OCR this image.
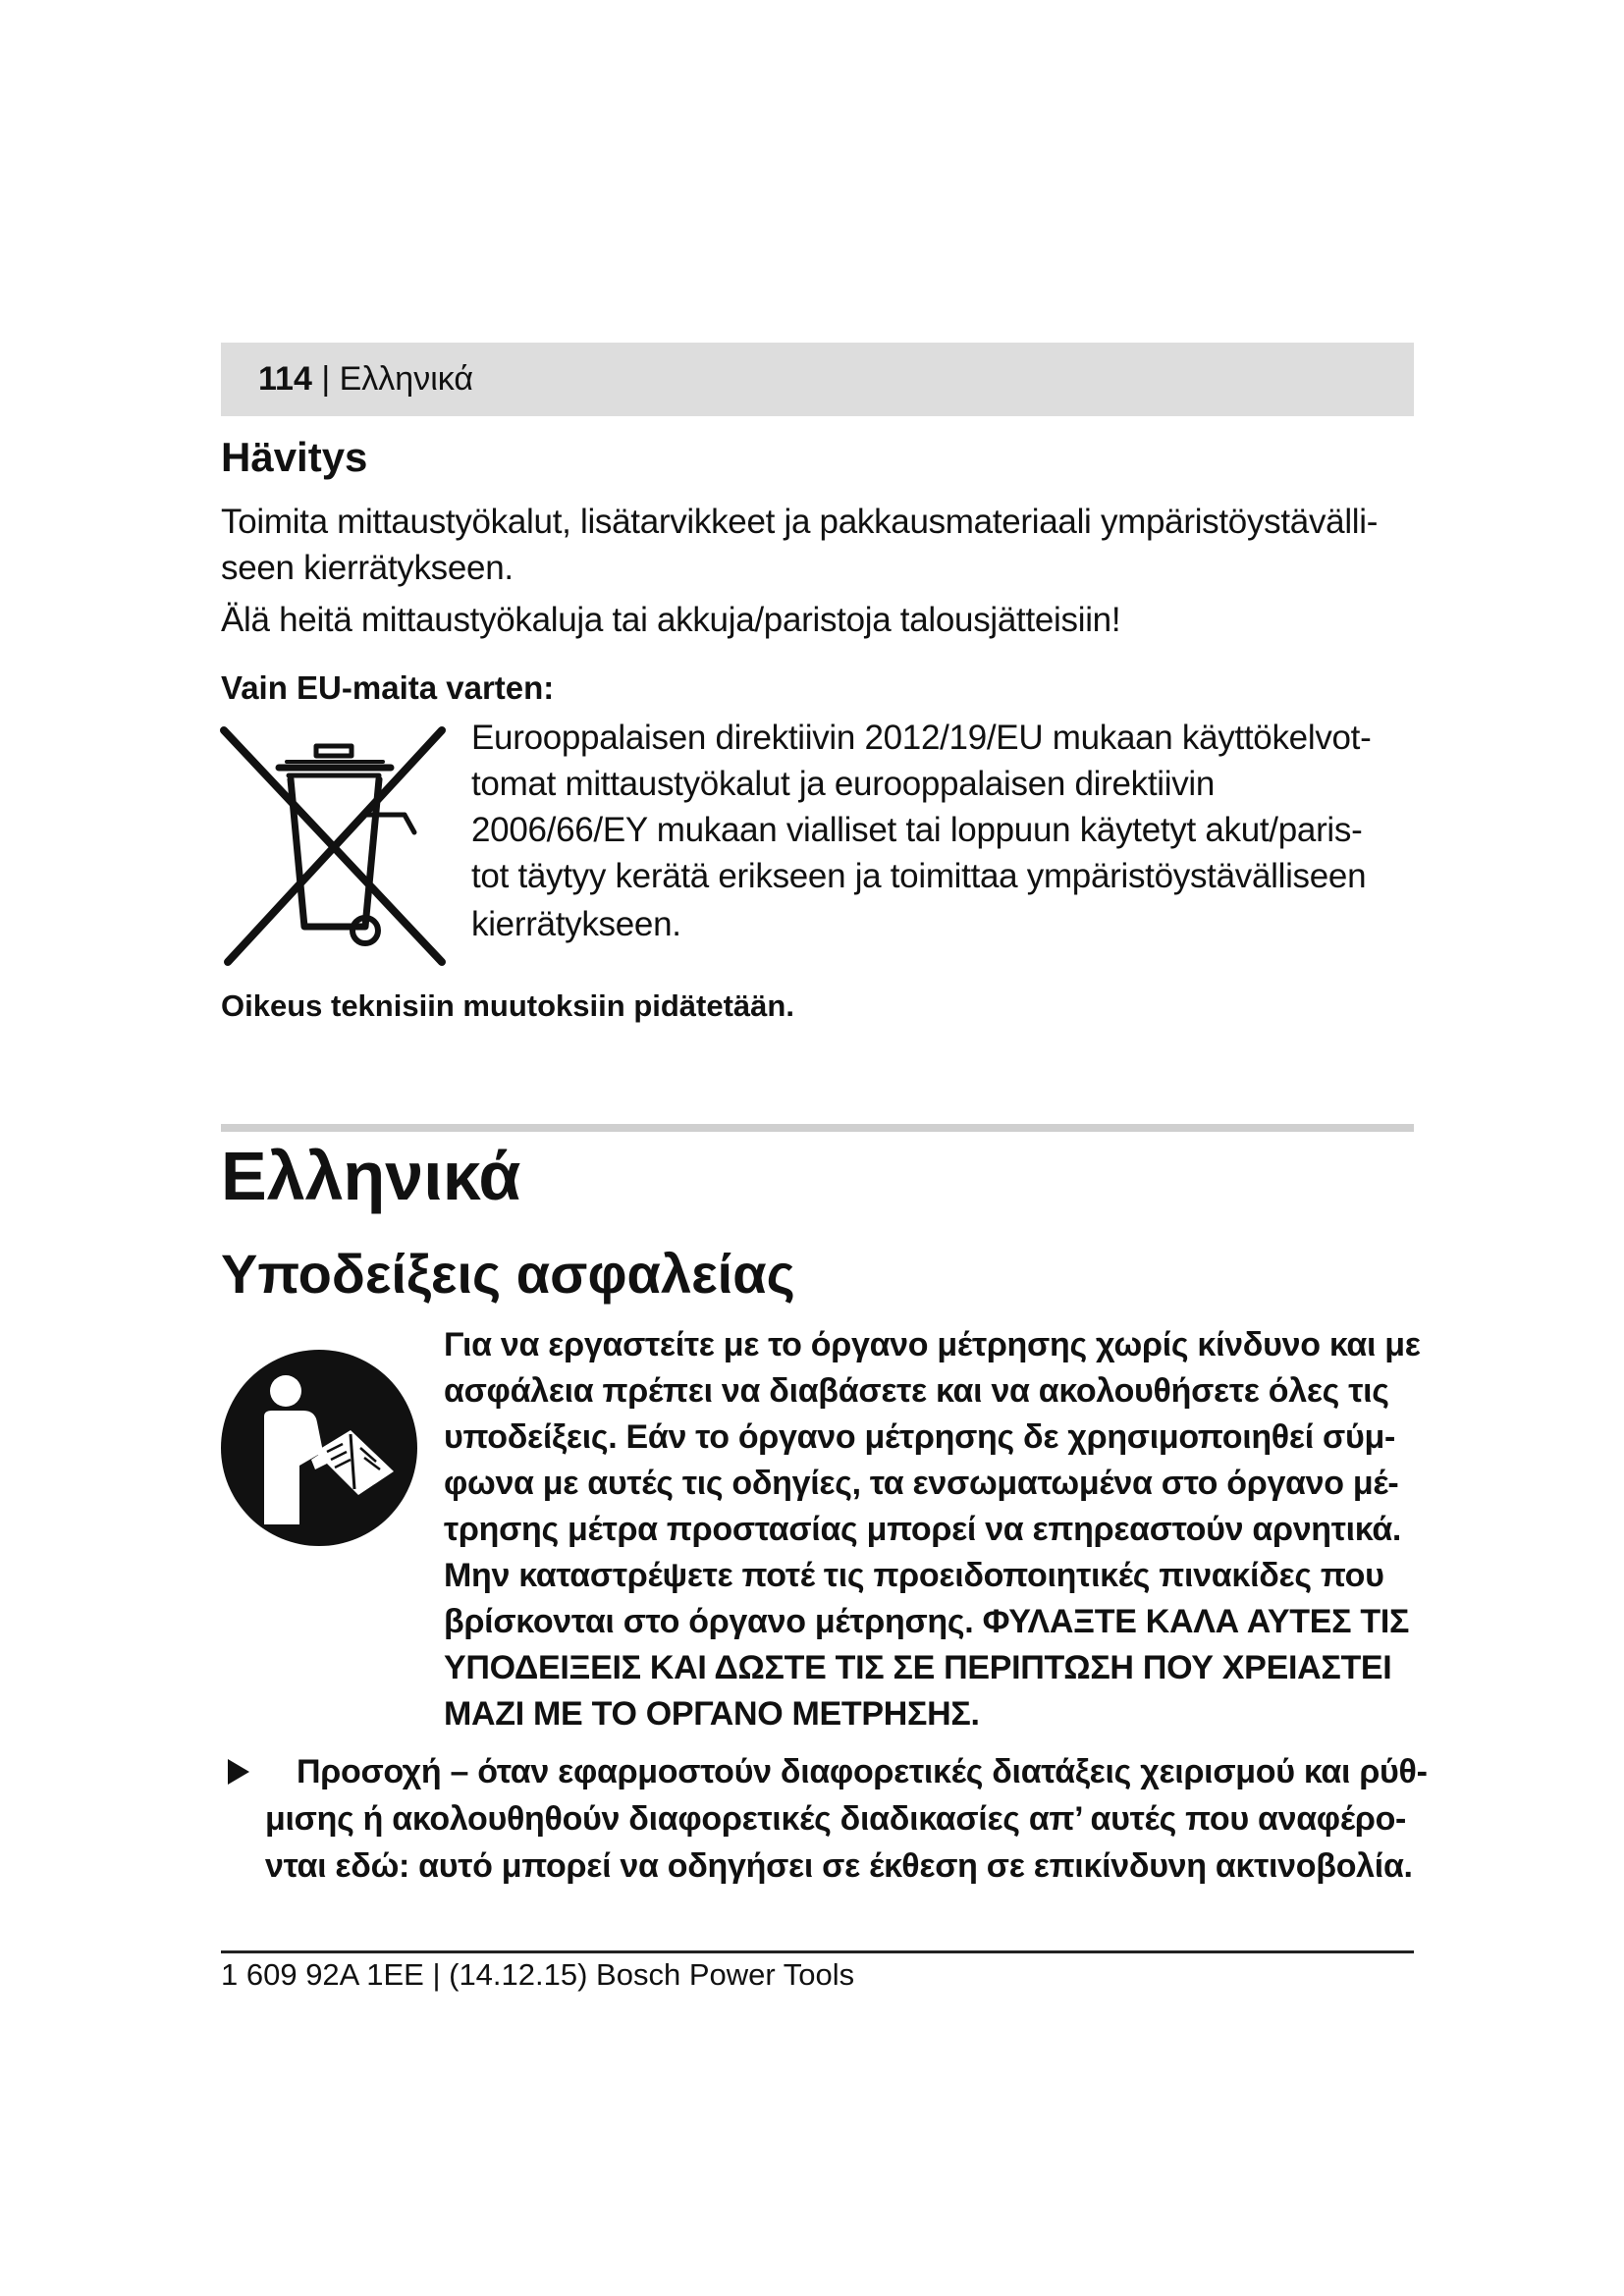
114 | Ελληνικά
Hävitys
Toimita mittaustyökalut, lisätarvikkeet ja pakkausmateriaali ympäristöystävälli-
seen kierrätykseen.
Älä heitä mittaustyökaluja tai akkuja/paristoja talousjätteisiin!
Vain EU-maita varten:
Eurooppalaisen direktiivin 2012/19/EU mukaan käyttökelvot-
tomat mittaustyökalut ja eurooppalaisen direktiivin
2006/66/EY mukaan vialliset tai loppuun käytetyt akut/paris-
tot täytyy kerätä erikseen ja toimittaa ympäristöystävälliseen
kierrätykseen.
Oikeus teknisiin muutoksiin pidätetään.
Ελληνικά
Υποδείξεις ασφαλείας
Για να εργαστείτε με το όργανο μέτρησης χωρίς κίνδυνο και με
ασφάλεια πρέπει να διαβάσετε και να ακολουθήσετε όλες τις
υποδείξεις. Εάν το όργανο μέτρησης δε χρησιμοποιηθεί σύμ-
φωνα με αυτές τις οδηγίες, τα ενσωματωμένα στο όργανο μέ-
τρησης μέτρα προστασίας μπορεί να επηρεαστούν αρνητικά.
Μην καταστρέψετε ποτέ τις προειδοποιητικές πινακίδες που
βρίσκονται στο όργανο μέτρησης. ΦΥΛΑΞΤΕ ΚΑΛΑ ΑΥΤΕΣ ΤΙΣ
ΥΠΟΔΕΙΞΕΙΣ ΚΑΙ ΔΩΣΤΕ ΤΙΣ ΣΕ ΠΕΡΙΠΤΩΣΗ ΠΟΥ ΧΡΕΙΑΣΤΕΙ
ΜΑΖΙ ΜΕ ΤΟ ΟΡΓΑΝΟ ΜΕΤΡΗΣΗΣ.
Προσοχή – όταν εφαρμοστούν διαφορετικές διατάξεις χειρισμού και ρύθ-
μισης ή ακολουθηθούν διαφορετικές διαδικασίες απ’ αυτές που αναφέρο-
νται εδώ: αυτό μπορεί να οδηγήσει σε έκθεση σε επικίνδυνη ακτινοβολία.
1 609 92A 1EE | (14.12.15) Bosch Power Tools
